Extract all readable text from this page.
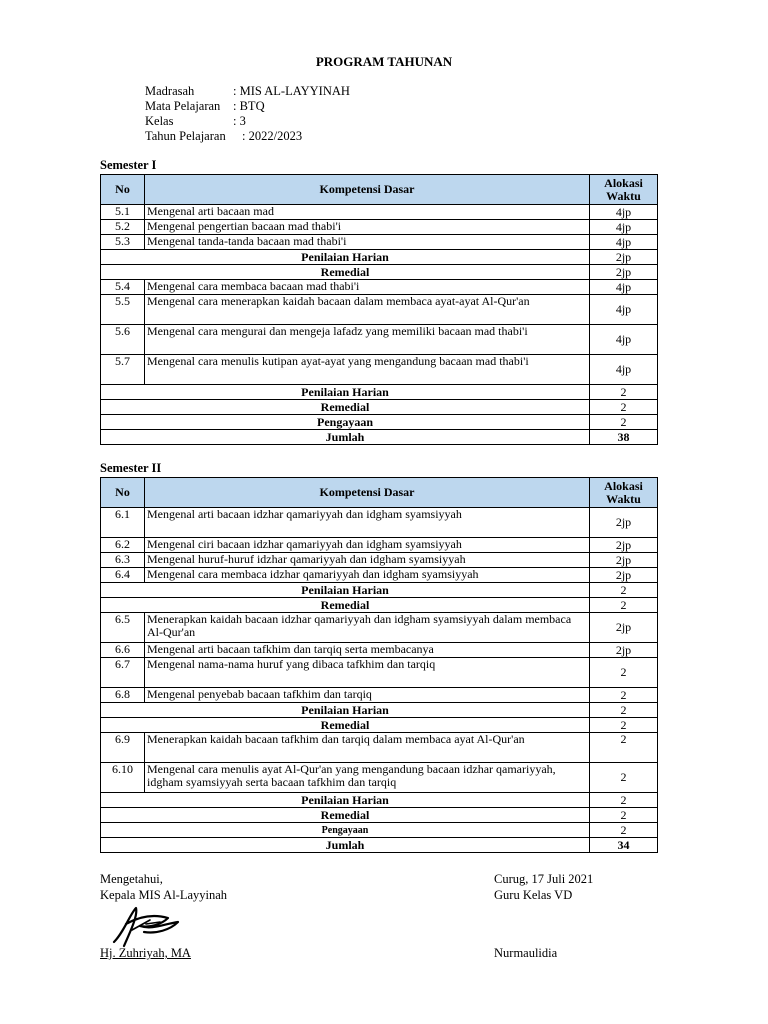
PROGRAM TAHUNAN
Madrasah	: MIS AL-LAYYINAH
Mata Pelajaran : BTQ
Kelas	: 3
Tahun Pelajaran : 2022/2023
Semester I
No	Kompetensi Dasar	Alokasi Waktu
5.1	Mengenal arti bacaan mad	4jp
5.2	Mengenal pengertian bacaan mad thabi'i	4jp
5.3	Mengenal tanda-tanda bacaan mad thabi'i	4jp
Penilaian Harian		2jp
Remedial		2jp
5.4	Mengenal cara membaca bacaan mad thabi'i	4jp
5.5	Mengenal cara menerapkan kaidah bacaan dalam membaca ayat-ayat Al-Qur'an	4jp
5.6	Mengenal cara mengurai dan mengeja lafadz yang memiliki bacaan mad thabi'i	4jp
5.7	Mengenal cara menulis kutipan ayat-ayat yang mengandung bacaan mad thabi'i	4jp
Penilaian Harian		2
Remedial		2
Pengayaan		2
Jumlah		38
Semester II
No	Kompetensi Dasar	Alokasi Waktu
6.1	Mengenal arti bacaan idzhar qamariyyah dan idgham syamsiyyah	2jp
6.2	Mengenal ciri bacaan idzhar qamariyyah dan idgham syamsiyyah	2jp
6.3	Mengenal huruf-huruf idzhar qamariyyah dan idgham syamsiyyah	2jp
6.4	Mengenal cara membaca idzhar qamariyyah dan idgham syamsiyyah	2jp
Penilaian Harian		2
Remedial		2
6.5	Menerapkan kaidah bacaan idzhar qamariyyah dan idgham syamsiyyah dalam membaca Al-Qur'an	2jp
6.6	Mengenal arti bacaan tafkhim dan tarqiq serta membacanya	2jp
6.7	Mengenal nama-nama huruf yang dibaca tafkhim dan tarqiq	2
6.8	Mengenal penyebab bacaan tafkhim dan tarqiq	2
Penilaian Harian		2
Remedial		2
6.9	Menerapkan kaidah bacaan tafkhim dan tarqiq dalam membaca ayat Al-Qur'an	2
6.10	Mengenal cara menulis ayat Al-Qur'an yang mengandung bacaan idzhar qamariyyah, idgham syamsiyyah serta bacaan tafkhim dan tarqiq	2
Penilaian Harian		2
Remedial		2
Pengayaan		2
Jumlah		34
Mengetahui,
Kepala MIS Al-Layyinah
Hj. Zuhriyah, MA
Curug, 17 Juli 2021
Guru Kelas VD
Nurmaulidia
